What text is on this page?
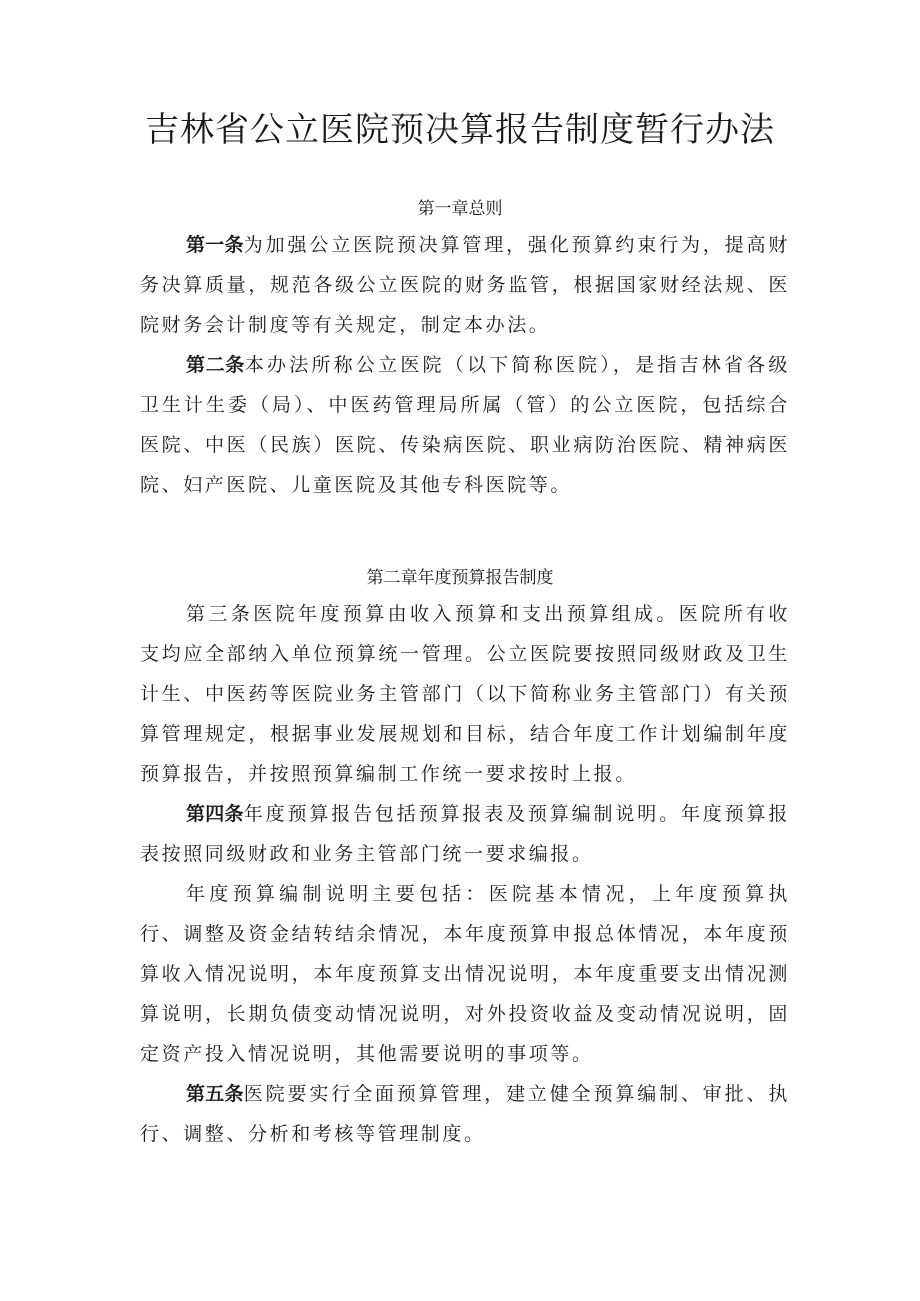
吉林省公立医院预决算报告制度暂行办法
第一章总则

第一条为加强公立医院预决算管理，强化预算约束行为，提高财务决算质量，规范各级公立医院的财务监管，根据国家财经法规、医院财务会计制度等有关规定，制定本办法。

第二条本办法所称公立医院（以下简称医院），是指吉林省各级卫生计生委（局）、中医药管理局所属（管）的公立医院，包括综合医院、中医（民族）医院、传染病医院、职业病防治医院、精神病医院、妇产医院、儿童医院及其他专科医院等。

第二章年度预算报告制度

第三条医院年度预算由收入预算和支出预算组成。医院所有收支均应全部纳入单位预算统一管理。公立医院要按照同级财政及卫生计生、中医药等医院业务主管部门（以下简称业务主管部门）有关预算管理规定，根据事业发展规划和目标，结合年度工作计划编制年度预算报告，并按照预算编制工作统一要求按时上报。

第四条年度预算报告包括预算报表及预算编制说明。年度预算报表按照同级财政和业务主管部门统一要求编报。

年度预算编制说明主要包括：医院基本情况，上年度预算执行、调整及资金结转结余情况，本年度预算申报总体情况，本年度预算收入情况说明，本年度预算支出情况说明，本年度重要支出情况测算说明，长期负债变动情况说明，对外投资收益及变动情况说明，固定资产投入情况说明，其他需要说明的事项等。

第五条医院要实行全面预算管理，建立健全预算编制、审批、执行、调整、分析和考核等管理制度。
